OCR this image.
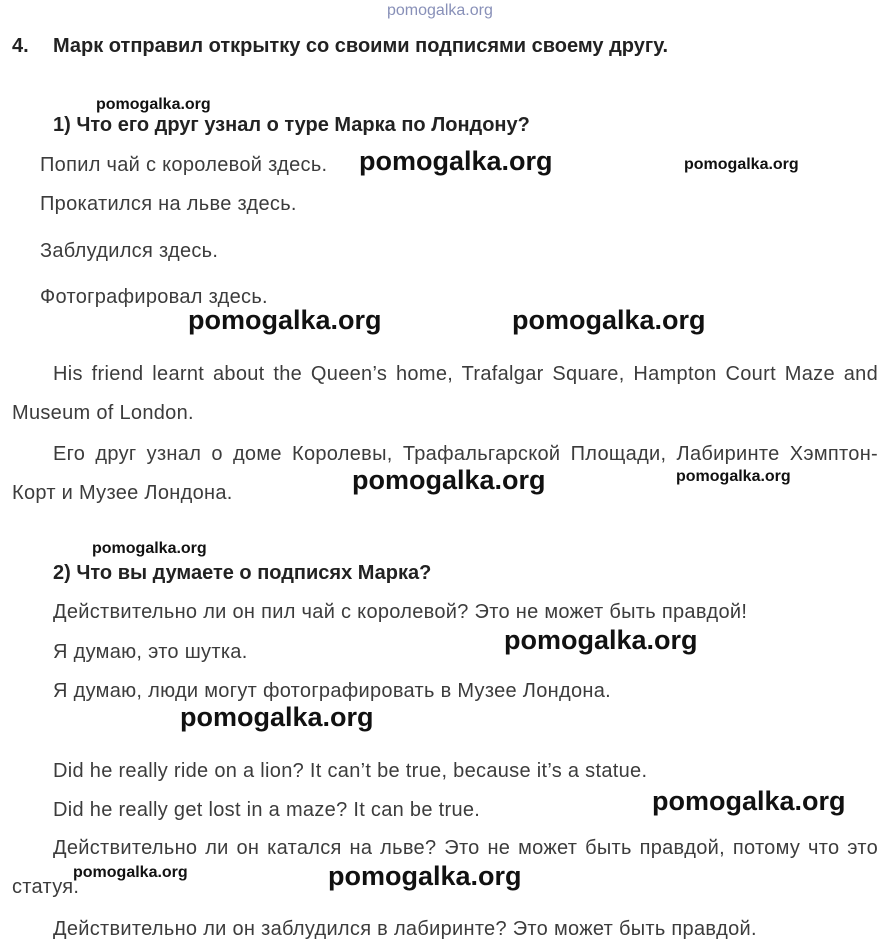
pomogalka.org
4. Марк отправил открытку со своими подписями своему другу.
1) Что его друг узнал о туре Марка по Лондону?
Попил чай с королевой здесь.
Прокатился на льве здесь.
Заблудился здесь.
Фотографировал здесь.

His friend learnt about the Queen’s home, Trafalgar Square, Hampton Court Maze and Museum of London.

Его друг узнал о доме Королевы, Трафальгарской Площади, Лабиринте Хэмптон-Корт и Музее Лондона.

2) Что вы думаете о подписях Марка?
Действительно ли он пил чай с королевой? Это не может быть правдой!
Я думаю, это шутка.
Я думаю, люди могут фотографировать в Музее Лондона.
Did he really ride on a lion? It can’t be true, because it’s a statue.
Did he really get lost in a maze? It can be true.

Действительно ли он катался на льве? Это не может быть правдой, потому что это статуя.

Действительно ли он заблудился в лабиринте? Это может быть правдой.
pomogalka.org
pomogalka.org	pomogalka.org
pomogalka.org	pomogalka.org
pomogalka.org	pomogalka.org
pomogalka.org
pomogalka.org
pomogalka.org
pomogalka.org
pomogalka.org	pomogalka.org
